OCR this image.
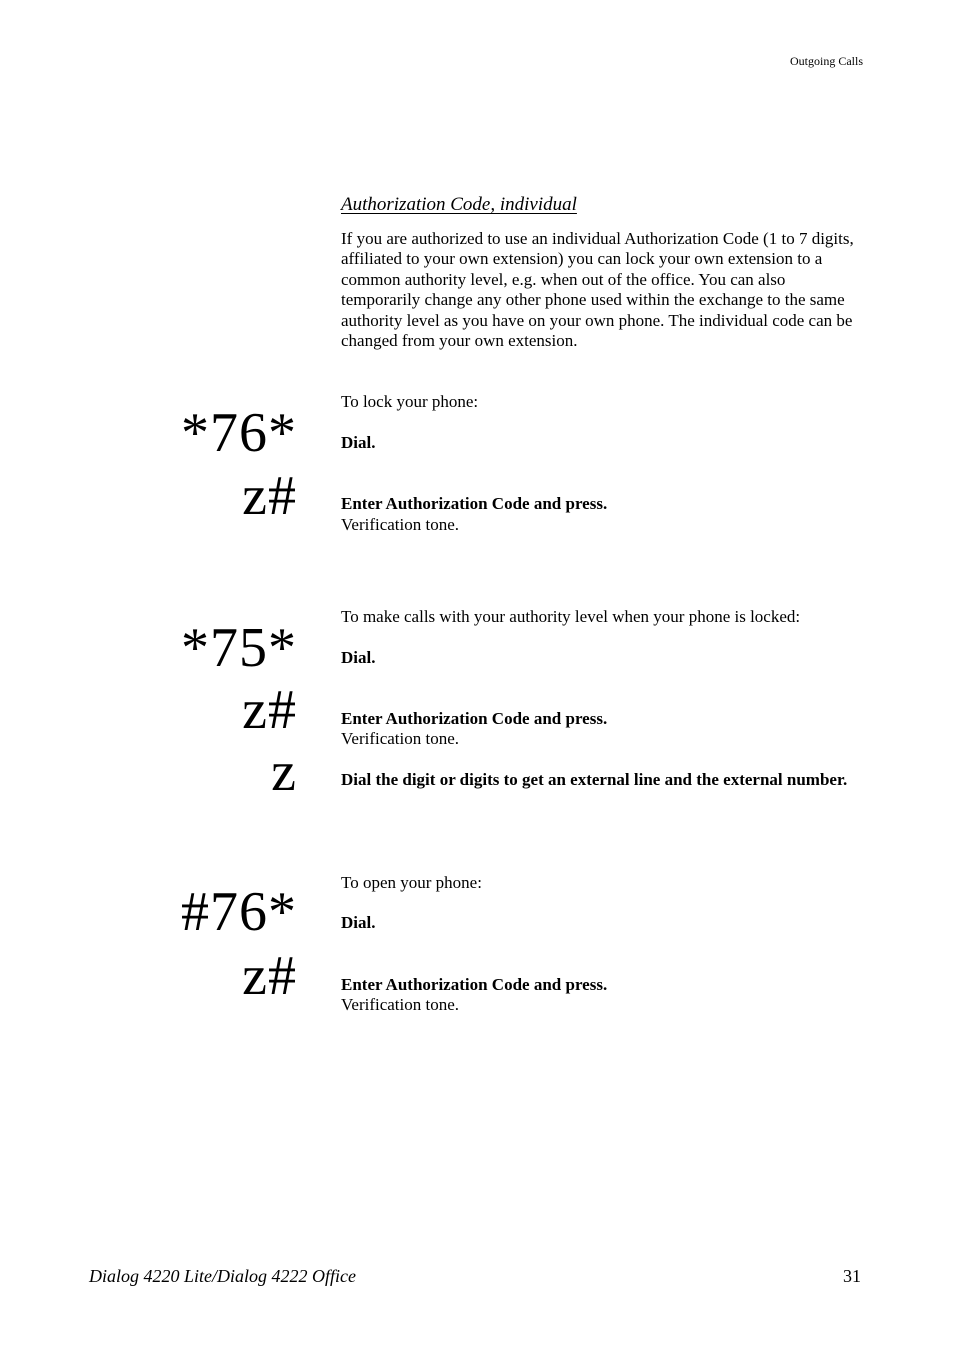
Outgoing Calls
Authorization Code, individual
If you are authorized to use an individual Authorization Code (1 to 7 digits, affiliated to your own extension) you can lock your own extension to a common authority level, e.g. when out of the office. You can also temporarily change any other phone used within the exchange to the same authority level as you have on your own phone. The individual code can be changed from your own extension.
To lock your phone:
*76*	Dial.
z#	Enter Authorization Code and press.
Verification tone.
To make calls with your authority level when your phone is locked:
*75*	Dial.
z#	Enter Authorization Code and press.
Verification tone.
z	Dial the digit or digits to get an external line and the external number.
To open your phone:
#76*	Dial.
z#	Enter Authorization Code and press.
Verification tone.
Dialog 4220 Lite/Dialog 4222 Office	31
